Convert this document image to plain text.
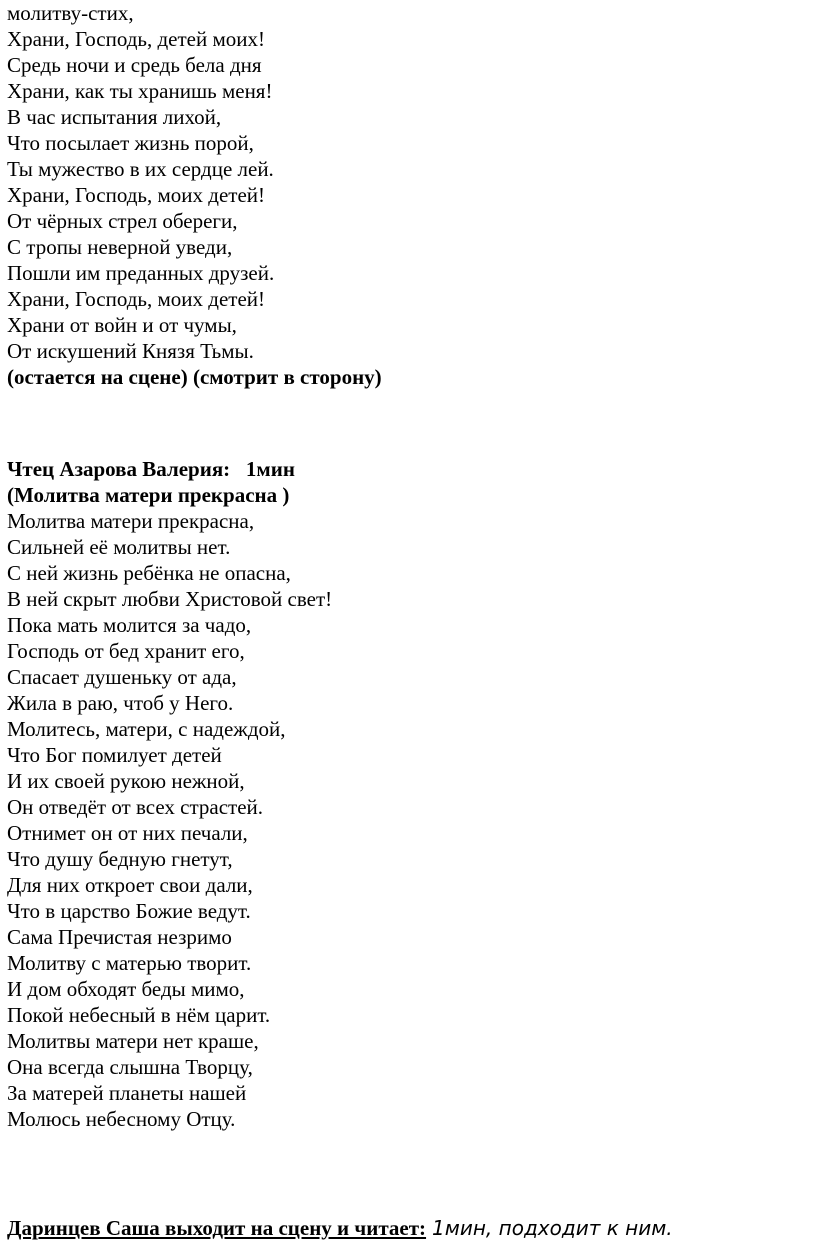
молитву-стих,
Храни, Господь, детей моих!
Средь ночи и средь бела дня
Храни, как ты хранишь меня!
В час испытания лихой,
Что посылает жизнь порой,
Ты мужество в их сердце лей.
Храни, Господь, моих детей!
От чёрных стрел обереги,
С тропы неверной уведи,
Пошли им преданных друзей.
Храни, Господь, моих детей!
Храни от войн и от чумы,
От искушений Князя Тьмы.
(остается на сцене) (смотрит в сторону)
Чтец Азарова Валерия:   1мин
(Молитва матери прекрасна )
Молитва матери прекрасна,
Сильней её молитвы нет.
С ней жизнь ребёнка не опасна,
В ней скрыт любви Христовой свет!
Пока мать молится за чадо,
Господь от бед хранит его,
Спасает душеньку от ада,
Жила в раю, чтоб у Него.
Молитесь, матери, с надеждой,
Что Бог помилует детей
И их своей рукою нежной,
Он отведёт от всех страстей.
Отнимет он от них печали,
Что душу бедную гнетут,
Для них откроет свои дали,
Что в царство Божие ведут.
Сама Пречистая незримо
Молитву с матерью творит.
И дом обходят беды мимо,
Покой небесный в нём царит.
Молитвы матери нет краше,
Она всегда слышна Творцу,
За матерей планеты нашей
Молюсь небесному Отцу.
Даринцев Саша выходит на сцену и читает: 1мин, подходит к ним.
